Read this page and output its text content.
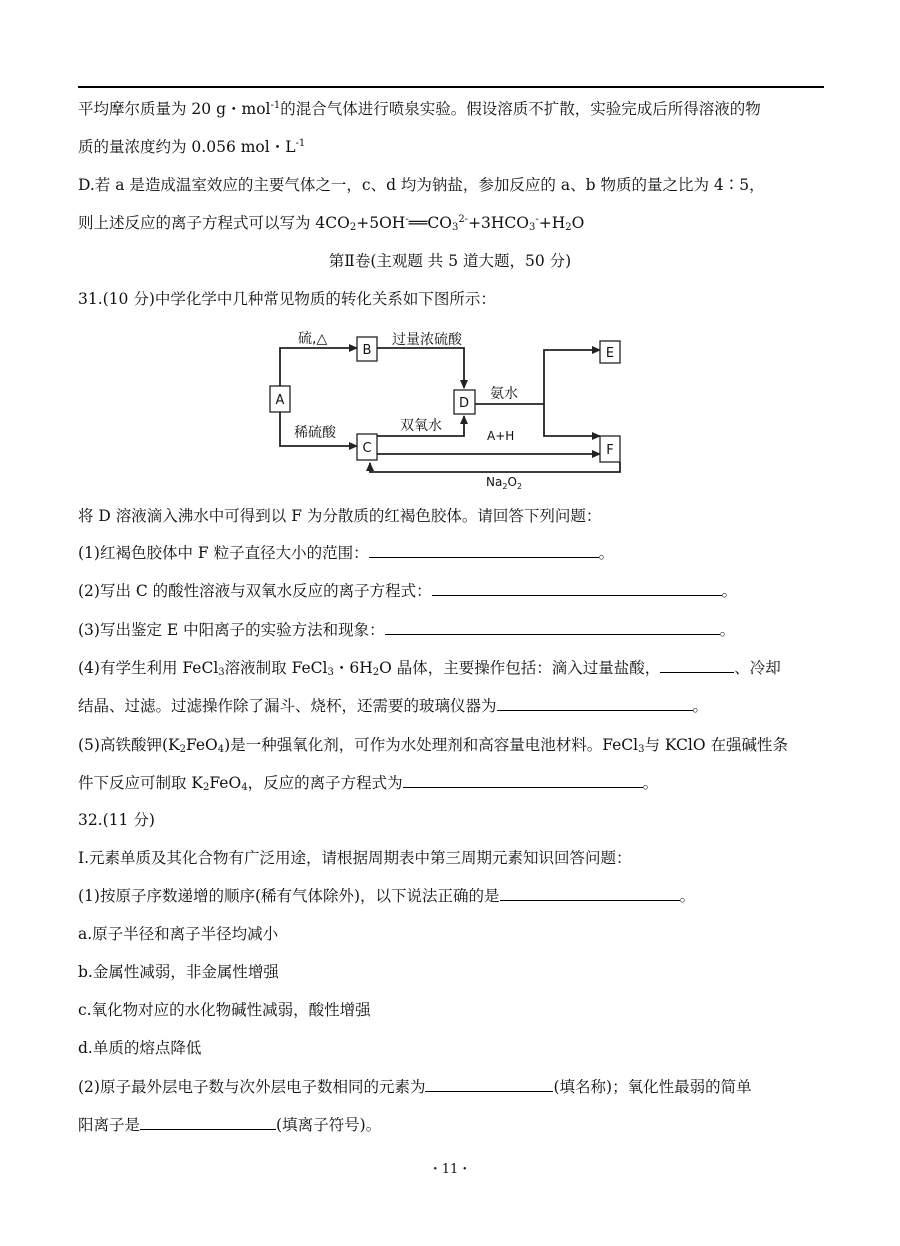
平均摩尔质量为 20 g・mol$^{-1}$的混合气体进行喷泉实验。假设溶质不扩散，实验完成后所得溶液的物
质的量浓度约为 0.056 mol・$L^{-1}$
D.若 a 是造成温室效应的主要气体之一，c、d 均为钠盐，参加反应的 a、b 物质的量之比为 4∶5，
则上述反应的离子方程式可以写为 $4CO_2+5OH^-══CO_3^{2-}+3HCO_3^-+H_2O$
第Ⅱ卷(主观题 共 5 道大题，50 分)
31.(10 分)中学化学中几种常见物质的转化关系如下图所示：
A
B
C
D
E
F
硫,△	过量浓硫酸
稀硫酸	双氧水
氨水
A+H
$Na_2O_2$
将 D 溶液滴入沸水中可得到以 F 为分散质的红褐色胶体。请回答下列问题：
(1)红褐色胶体中 F 粒子直径大小的范围：	。
(2)写出 C 的酸性溶液与双氧水反应的离子方程式：	。
(3)写出鉴定 E 中阳离子的实验方法和现象：	。
(4)有学生利用 FeCl$_3$溶液制取 FeCl$_3$・$6H_2O$ 晶体，主要操作包括：滴入过量盐酸，	、冷却
结晶、过滤。过滤操作除了漏斗、烧杯，还需要的玻璃仪器为	。
(5)高铁酸钾$(K_2FeO_4)$是一种强氧化剂，可作为水处理剂和高容量电池材料。FeCl$_3$与 KClO 在强碱性条
件下反应可制取 $K_2FeO_4$，反应的离子方程式为	。
32.(11 分)
Ⅰ.元素单质及其化合物有广泛用途，请根据周期表中第三周期元素知识回答问题：
(1)按原子序数递增的顺序(稀有气体除外)，以下说法正确的是	。
a.原子半径和离子半径均减小
b.金属性减弱，非金属性增强
c.氧化物对应的水化物碱性减弱，酸性增强
d.单质的熔点降低
(2)原子最外层电子数与次外层电子数相同的元素为	(填名称)；氧化性最弱的简单
阳离子是	(填离子符号)。
・11・
